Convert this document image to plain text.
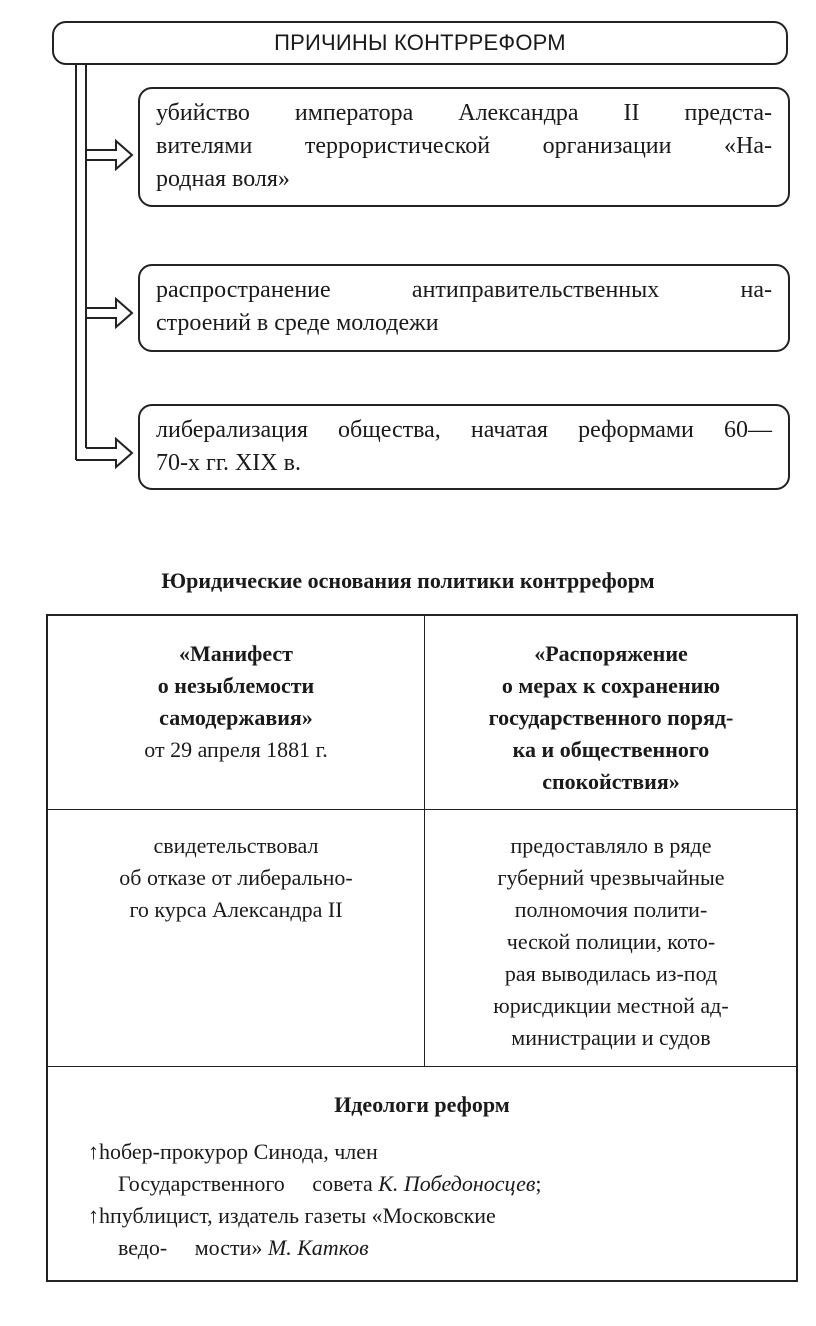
ПРИЧИНЫ КОНТРРЕФОРМ
убийство императора Александра II предста-
вителями террористической организации «На-
родная воля»
распространение антиправительственных на-
строений в среде молодежи
либерализация общества, начатая реформами 60—
70-х гг. XIX в.
Юридические основания политики контрреформ
«Манифест
о незыблемости
самодержавия»
от 29 апреля 1881 г.
«Распоряжение
о мерах к сохранению
государственного поряд-
ка и общественного
спокойствия»
свидетельствовал
об отказе от либерально-
го курса Александра II
предоставляло в ряде
губерний чрезвычайные
полномочия полити-
ческой полиции, кото-
рая выводилась из-под
юрисдикции местной ад-
министрации и судов
Идеологи реформ
↑hобер-прокурор Синода, член
Государственного     совета К. Победоносцев;
↑hпублицист, издатель газеты «Московские
ведо-     мости» М. Катков
